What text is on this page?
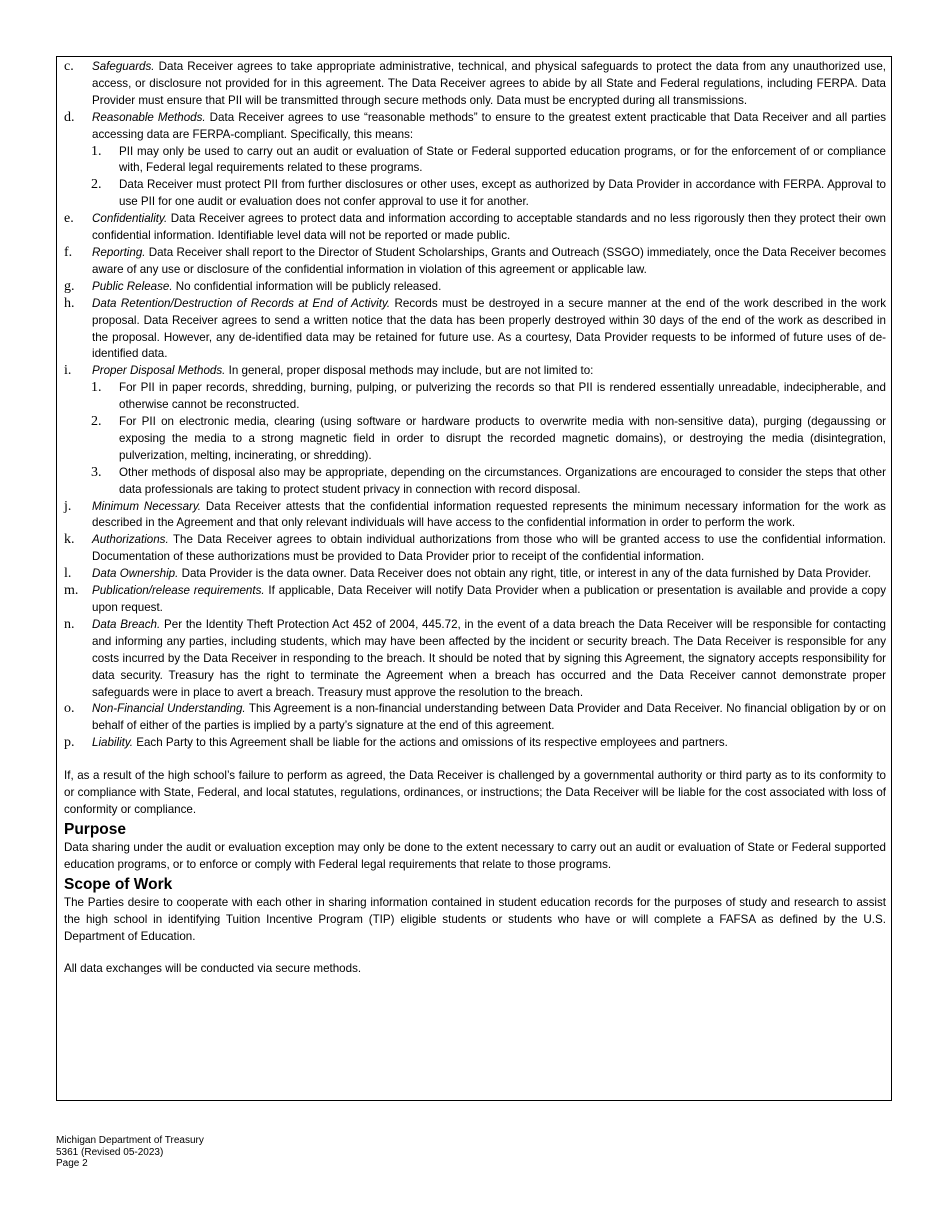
c.	Safeguards. Data Receiver agrees to take appropriate administrative, technical, and physical safeguards to protect the data from any unauthorized use, access, or disclosure not provided for in this agreement. The Data Receiver agrees to abide by all State and Federal regulations, including FERPA. Data Provider must ensure that PII will be transmitted through secure methods only. Data must be encrypted during all transmissions.
d.	Reasonable Methods. Data Receiver agrees to use “reasonable methods” to ensure to the greatest extent practicable that Data Receiver and all parties accessing data are FERPA-compliant. Specifically, this means:
1.	PII may only be used to carry out an audit or evaluation of State or Federal supported education programs, or for the enforcement of or compliance with, Federal legal requirements related to these programs.
2.	Data Receiver must protect PII from further disclosures or other uses, except as authorized by Data Provider in accordance with FERPA. Approval to use PII for one audit or evaluation does not confer approval to use it for another.
e.	Confidentiality. Data Receiver agrees to protect data and information according to acceptable standards and no less rigorously then they protect their own confidential information. Identifiable level data will not be reported or made public.
f.	Reporting. Data Receiver shall report to the Director of Student Scholarships, Grants and Outreach (SSGO) immediately, once the Data Receiver becomes aware of any use or disclosure of the confidential information in violation of this agreement or applicable law.
g.	Public Release. No confidential information will be publicly released.
h.	Data Retention/Destruction of Records at End of Activity. Records must be destroyed in a secure manner at the end of the work described in the work proposal. Data Receiver agrees to send a written notice that the data has been properly destroyed within 30 days of the end of the work as described in the proposal. However, any de-identified data may be retained for future use. As a courtesy, Data Provider requests to be informed of future uses of de-identified data.
i.	Proper Disposal Methods. In general, proper disposal methods may include, but are not limited to:
1.	For PII in paper records, shredding, burning, pulping, or pulverizing the records so that PII is rendered essentially unreadable, indecipherable, and otherwise cannot be reconstructed.
2.	For PII on electronic media, clearing (using software or hardware products to overwrite media with non-sensitive data), purging (degaussing or exposing the media to a strong magnetic field in order to disrupt the recorded magnetic domains), or destroying the media (disintegration, pulverization, melting, incinerating, or shredding).
3.	Other methods of disposal also may be appropriate, depending on the circumstances. Organizations are encouraged to consider the steps that other data professionals are taking to protect student privacy in connection with record disposal.
j.	Minimum Necessary. Data Receiver attests that the confidential information requested represents the minimum necessary information for the work as described in the Agreement and that only relevant individuals will have access to the confidential information in order to perform the work.
k.	Authorizations. The Data Receiver agrees to obtain individual authorizations from those who will be granted access to use the confidential information. Documentation of these authorizations must be provided to Data Provider prior to receipt of the confidential information.
l.	Data Ownership. Data Provider is the data owner. Data Receiver does not obtain any right, title, or interest in any of the data furnished by Data Provider.
m.	Publication/release requirements. If applicable, Data Receiver will notify Data Provider when a publication or presentation is available and provide a copy upon request.
n.	Data Breach. Per the Identity Theft Protection Act 452 of 2004, 445.72, in the event of a data breach the Data Receiver will be responsible for contacting and informing any parties, including students, which may have been affected by the incident or security breach. The Data Receiver is responsible for any costs incurred by the Data Receiver in responding to the breach. It should be noted that by signing this Agreement, the signatory accepts responsibility for data security. Treasury has the right to terminate the Agreement when a breach has occurred and the Data Receiver cannot demonstrate proper safeguards were in place to avert a breach. Treasury must approve the resolution to the breach.
o.	Non-Financial Understanding. This Agreement is a non-financial understanding between Data Provider and Data Receiver. No financial obligation by or on behalf of either of the parties is implied by a party’s signature at the end of this agreement.
p.	Liability. Each Party to this Agreement shall be liable for the actions and omissions of its respective employees and partners.
If, as a result of the high school’s failure to perform as agreed, the Data Receiver is challenged by a governmental authority or third party as to its conformity to or compliance with State, Federal, and local statutes, regulations, ordinances, or instructions; the Data Receiver will be liable for the cost associated with loss of conformity or compliance.
Purpose
Data sharing under the audit or evaluation exception may only be done to the extent necessary to carry out an audit or evaluation of State or Federal supported education programs, or to enforce or comply with Federal legal requirements that relate to those programs.
Scope of Work
The Parties desire to cooperate with each other in sharing information contained in student education records for the purposes of study and research to assist the high school in identifying Tuition Incentive Program (TIP) eligible students or students who have or will complete a FAFSA as defined by the U.S. Department of Education.
All data exchanges will be conducted via secure methods.
Michigan Department of Treasury
5361 (Revised 05-2023)
Page 2
